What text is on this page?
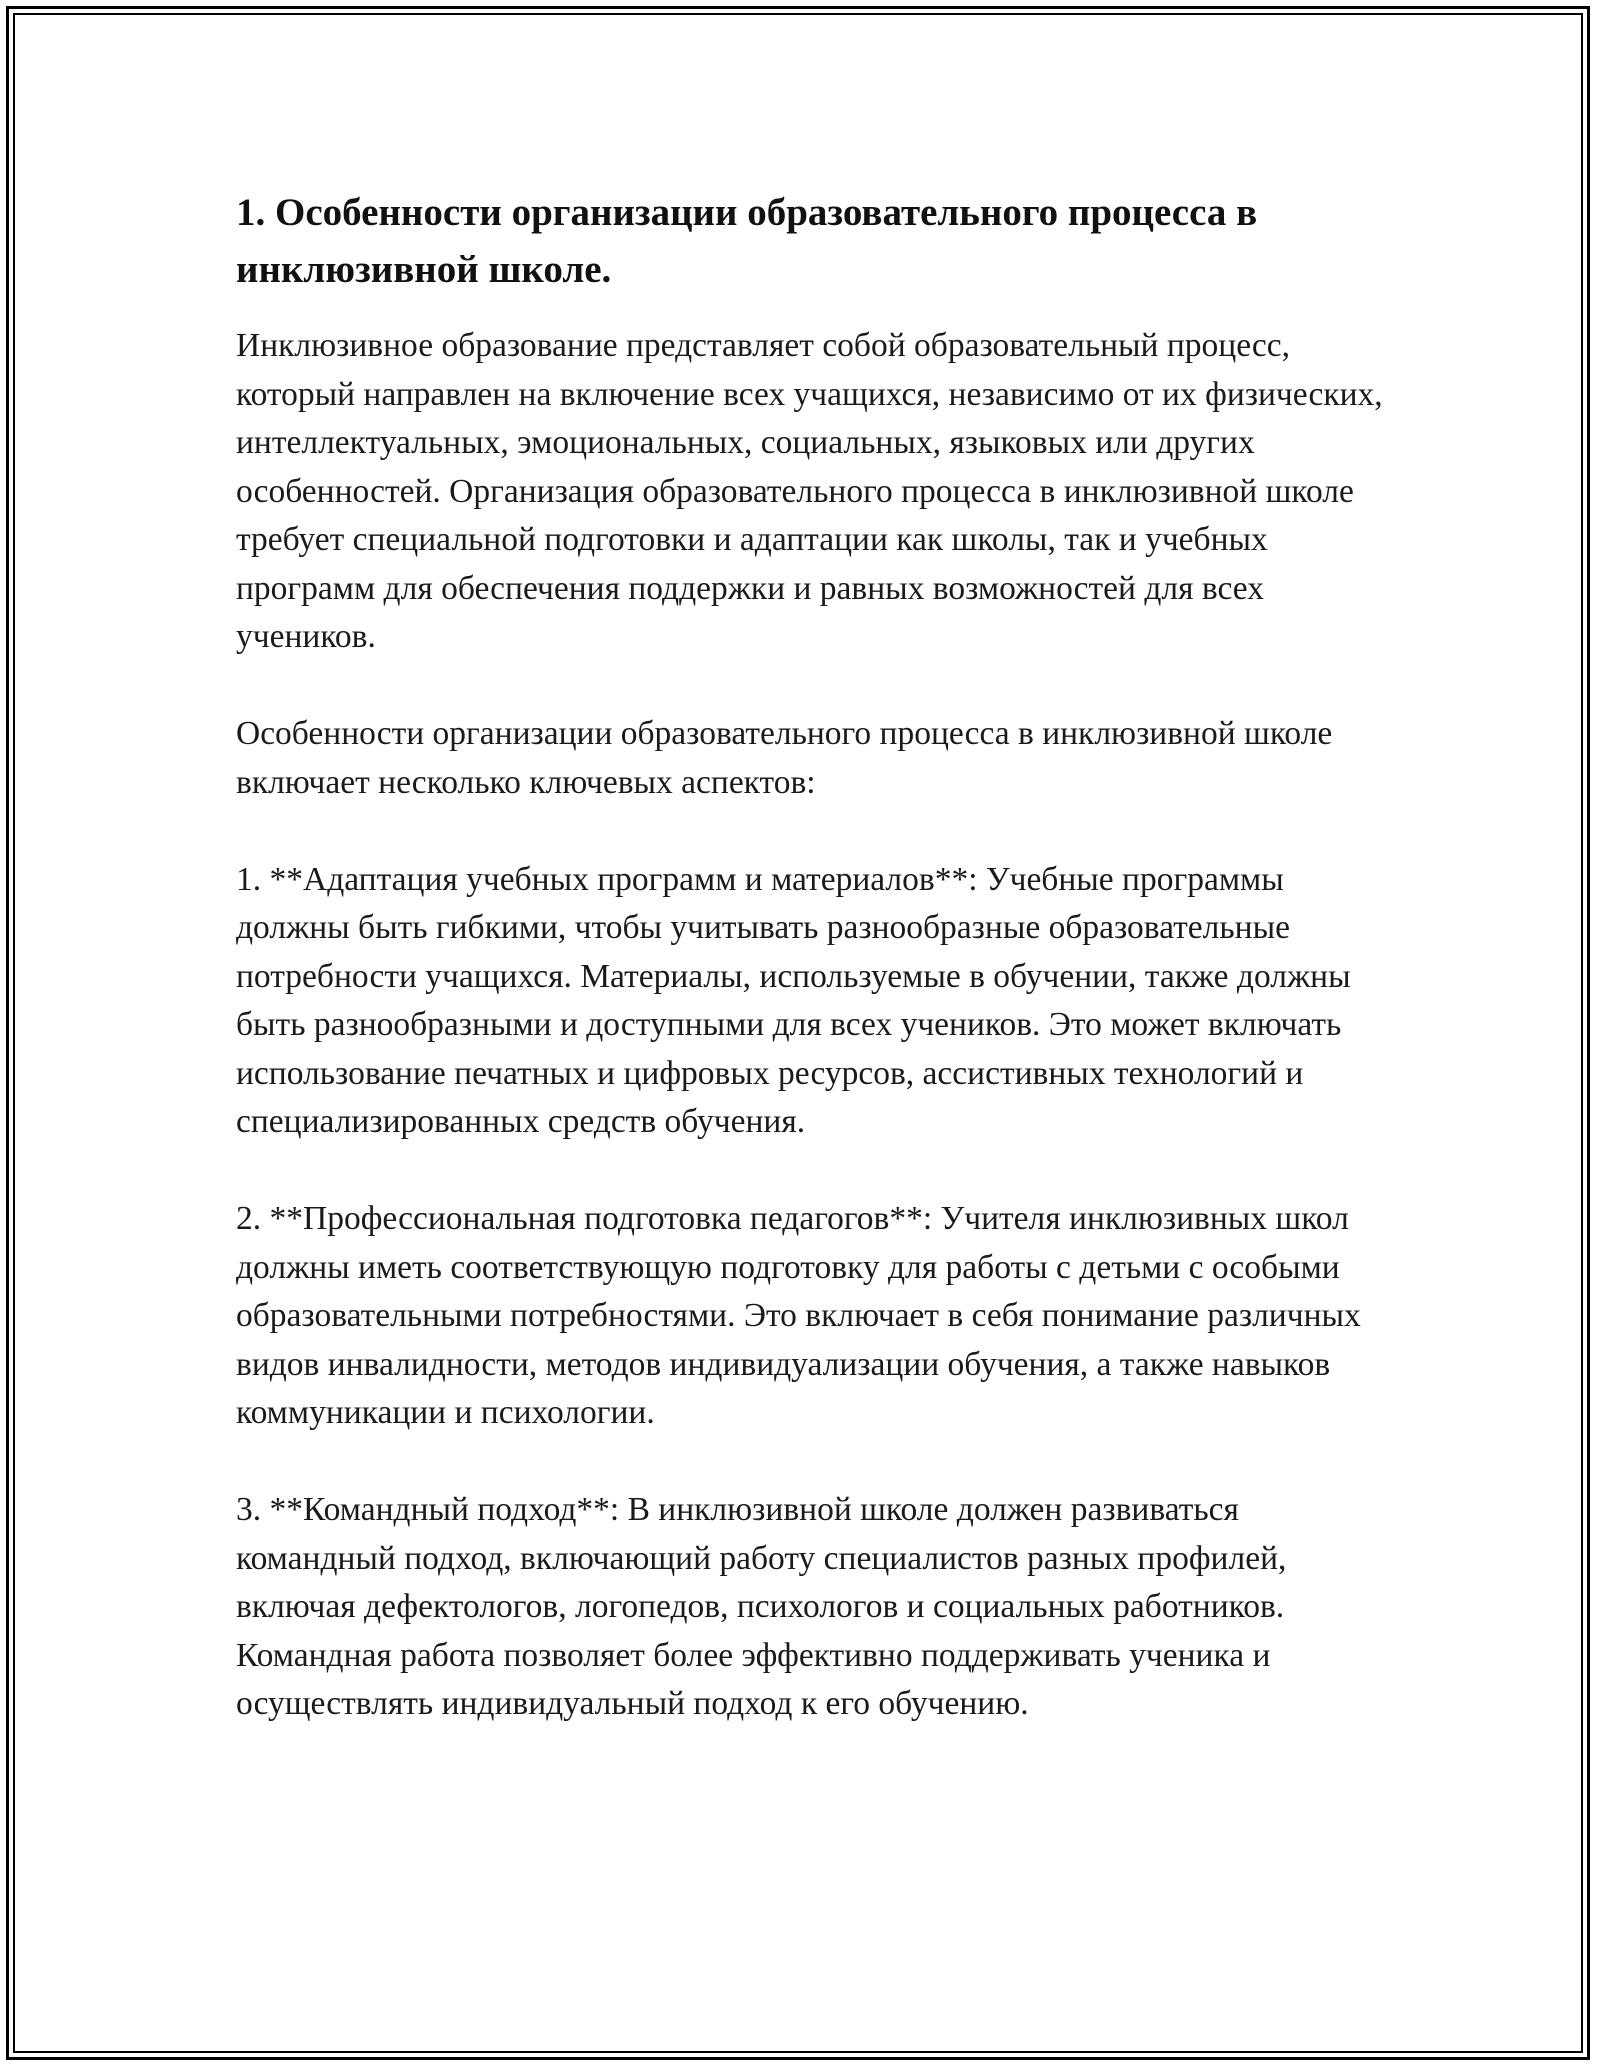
1. Особенности организации образовательного процесса в инклюзивной школе.

Инклюзивное образование представляет собой образовательный процесс, который направлен на включение всех учащихся, независимо от их физических, интеллектуальных, эмоциональных, социальных, языковых или других особенностей. Организация образовательного процесса в инклюзивной школе требует специальной подготовки и адаптации как школы, так и учебных программ для обеспечения поддержки и равных возможностей для всех учеников.

Особенности организации образовательного процесса в инклюзивной школе включает несколько ключевых аспектов:

1. **Адаптация учебных программ и материалов**: Учебные программы должны быть гибкими, чтобы учитывать разнообразные образовательные потребности учащихся. Материалы, используемые в обучении, также должны быть разнообразными и доступными для всех учеников. Это может включать использование печатных и цифровых ресурсов, ассистивных технологий и специализированных средств обучения.

2. **Профессиональная подготовка педагогов**: Учителя инклюзивных школ должны иметь соответствующую подготовку для работы с детьми с особыми образовательными потребностями. Это включает в себя понимание различных видов инвалидности, методов индивидуализации обучения, а также навыков коммуникации и психологии.

3. **Командный подход**: В инклюзивной школе должен развиваться командный подход, включающий работу специалистов разных профилей, включая дефектологов, логопедов, психологов и социальных работников. Командная работа позволяет более эффективно поддерживать ученика и осуществлять индивидуальный подход к его обучению.
